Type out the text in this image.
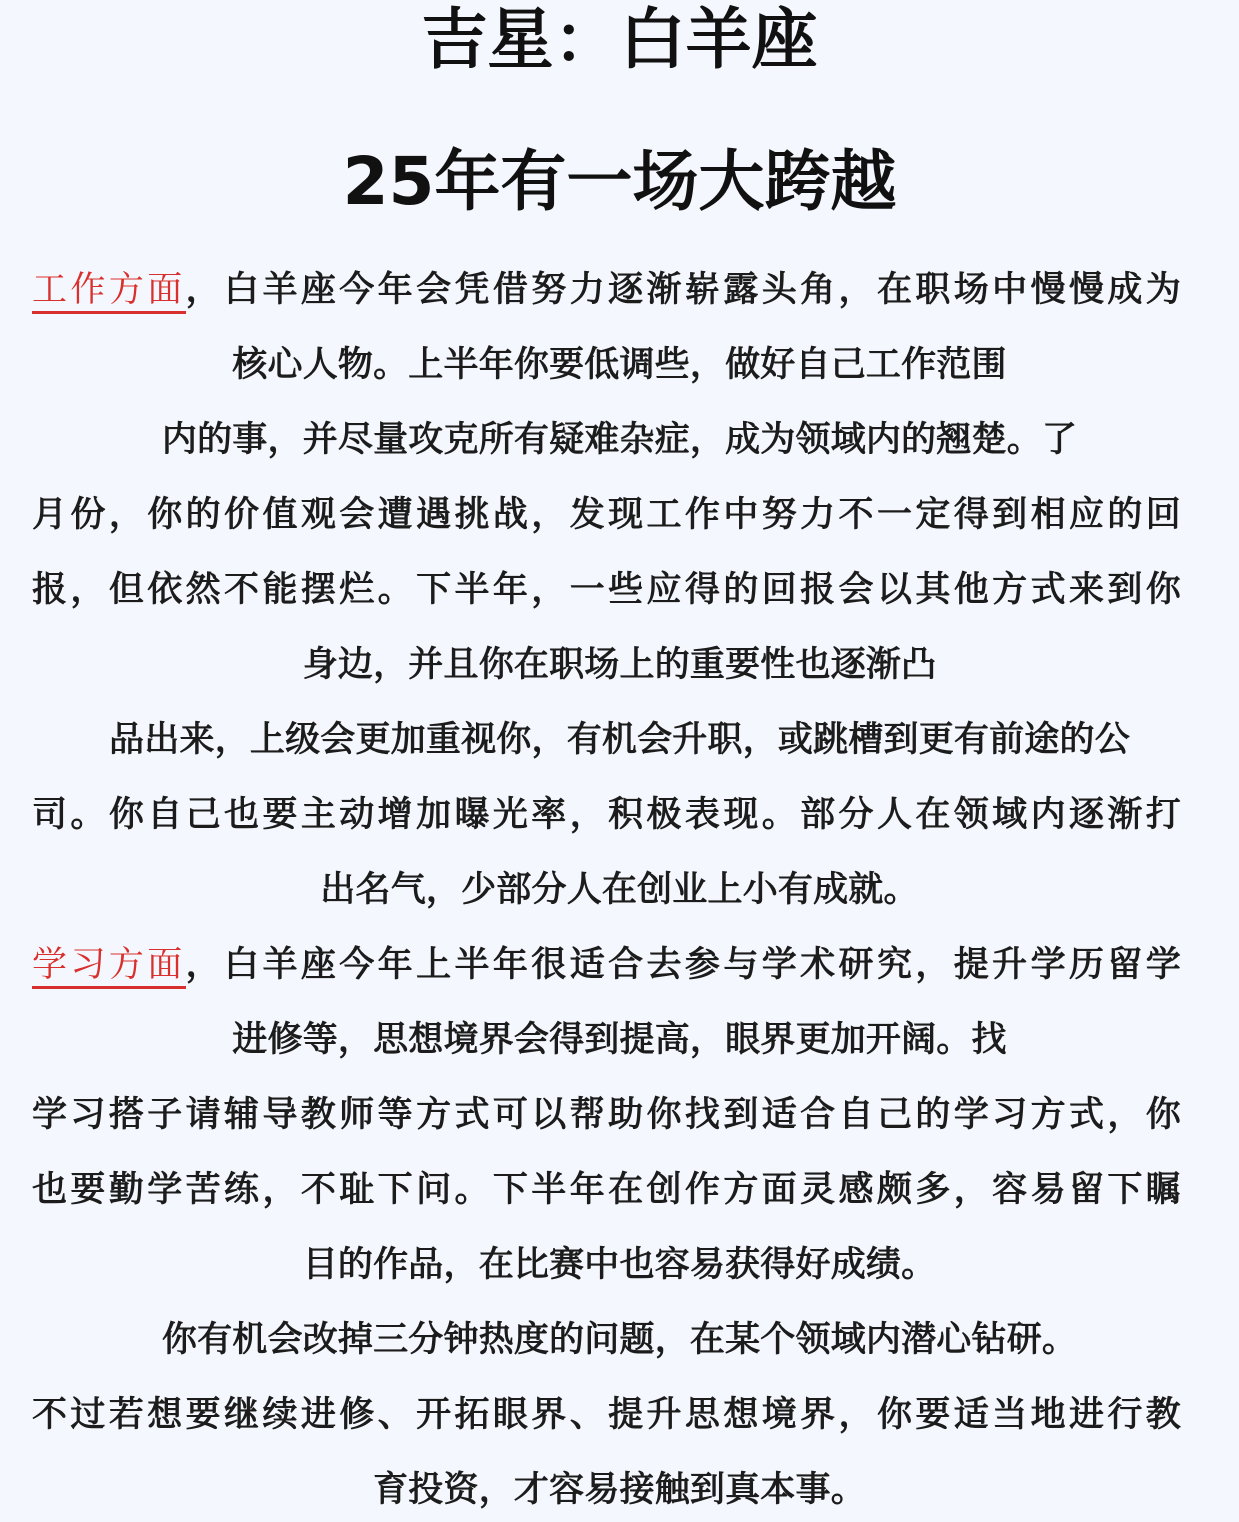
吉星：白羊座
25年有一场大跨越
工作方面，白羊座今年会凭借努力逐渐崭露头角，在职场中慢慢成为
核心人物。上半年你要低调些，做好自己工作范围
内的事，并尽量攻克所有疑难杂症，成为领域内的翘楚。了
月份，你的价值观会遭遇挑战，发现工作中努力不一定得到相应的回
报，但依然不能摆烂。下半年，一些应得的回报会以其他方式来到你
身边，并且你在职场上的重要性也逐渐凸
品出来，上级会更加重视你，有机会升职，或跳槽到更有前途的公
司。你自己也要主动增加曝光率，积极表现。部分人在领域内逐渐打
出名气，少部分人在创业上小有成就。
学习方面，白羊座今年上半年很适合去参与学术研究，提升学历留学
进修等，思想境界会得到提高，眼界更加开阔。找
学习搭子请辅导教师等方式可以帮助你找到适合自己的学习方式，你
也要勤学苦练，不耻下问。下半年在创作方面灵感颇多，容易留下瞩
目的作品，在比赛中也容易获得好成绩。
你有机会改掉三分钟热度的问题，在某个领域内潜心钻研。
不过若想要继续进修、开拓眼界、提升思想境界，你要适当地进行教
育投资，才容易接触到真本事。
